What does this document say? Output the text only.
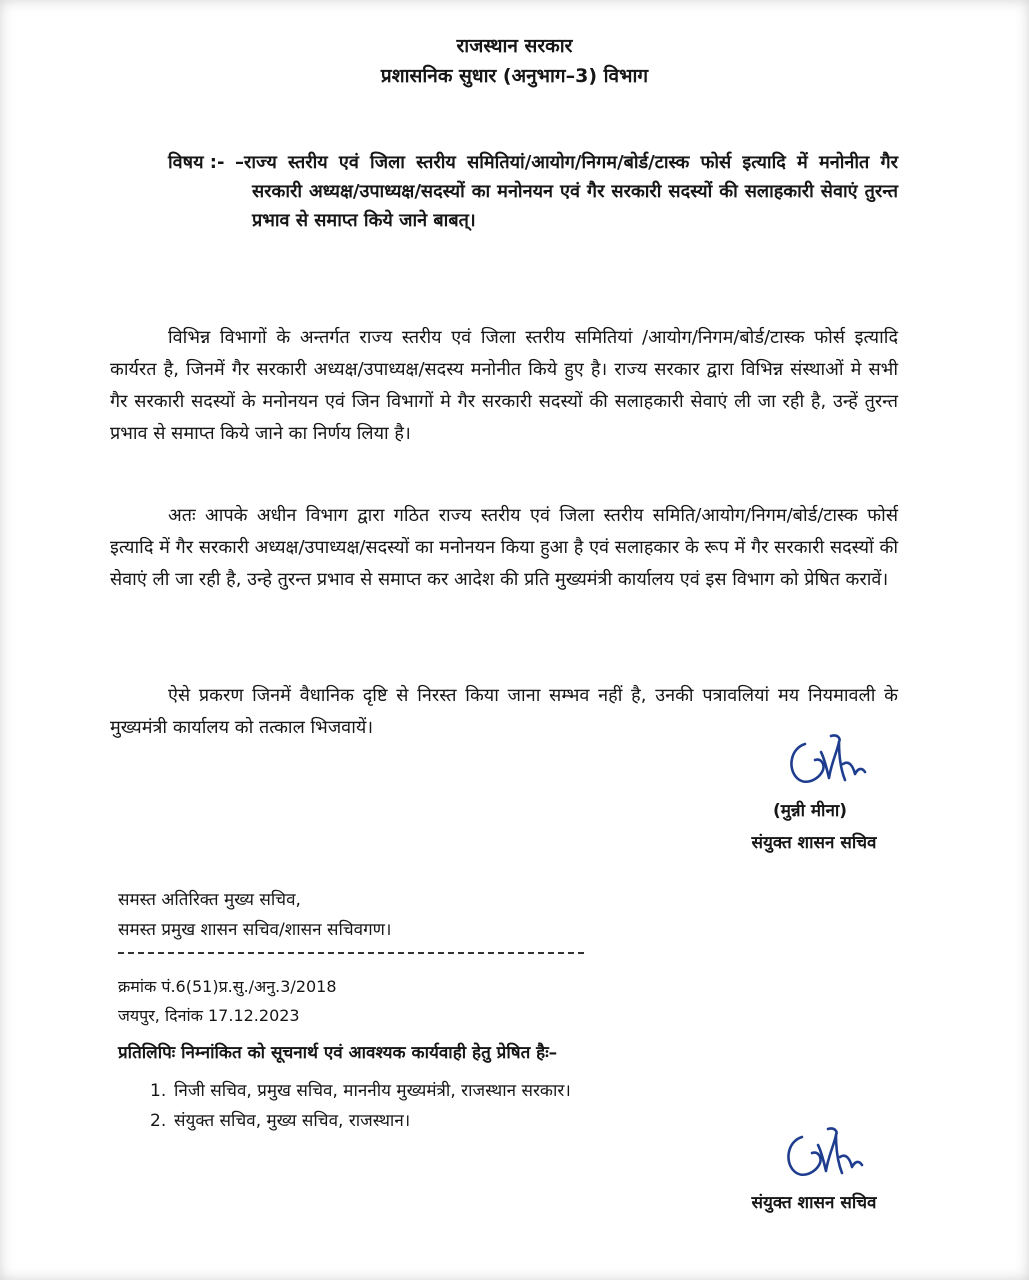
राजस्थान सरकार
प्रशासनिक सुधार (अनुभाग–3) विभाग
विषय :- –राज्य स्तरीय एवं जिला स्तरीय समितियां/आयोग/निगम/बोर्ड/टास्क फोर्स इत्यादि में मनोनीत गैर सरकारी अध्यक्ष/उपाध्यक्ष/सदस्यों का मनोनयन एवं गैर सरकारी सदस्यों की सलाहकारी सेवाएं तुरन्त प्रभाव से समाप्त किये जाने बाबत्।
विभिन्न विभागों के अन्तर्गत राज्य स्तरीय एवं जिला स्तरीय समितियां /आयोग/निगम/बोर्ड/टास्क फोर्स इत्यादि कार्यरत है, जिनमें गैर सरकारी अध्यक्ष/उपाध्यक्ष/सदस्य मनोनीत किये हुए है। राज्य सरकार द्वारा विभिन्न संस्थाओं मे सभी गैर सरकारी सदस्यों के मनोनयन एवं जिन विभागों मे गैर सरकारी सदस्यों की सलाहकारी सेवाएं ली जा रही है, उन्हें तुरन्त प्रभाव से समाप्त किये जाने का निर्णय लिया है।
अतः आपके अधीन विभाग द्वारा गठित राज्य स्तरीय एवं जिला स्तरीय समिति/आयोग/निगम/बोर्ड/टास्क फोर्स इत्यादि में गैर सरकारी अध्यक्ष/उपाध्यक्ष/सदस्यों का मनोनयन किया हुआ है एवं सलाहकार के रूप में गैर सरकारी सदस्यों की सेवाएं ली जा रही है, उन्हे तुरन्त प्रभाव से समाप्त कर आदेश की प्रति मुख्यमंत्री कार्यालय एवं इस विभाग को प्रेषित करावें।
ऐसे प्रकरण जिनमें वैधानिक दृष्टि से निरस्त किया जाना सम्भव नहीं है, उनकी पत्रावलियां मय नियमावली के मुख्यमंत्री कार्यालय को तत्काल भिजवायें।
(मुन्नी मीना)
संयुक्त शासन सचिव
समस्त अतिरिक्त मुख्य सचिव,
समस्त प्रमुख शासन सचिव/शासन सचिवगण।
क्रमांक पं.6(51)प्र.सु./अनु.3/2018
जयपुर, दिनांक 17.12.2023
प्रतिलिपिः निम्नांकित को सूचनार्थ एवं आवश्यक कार्यवाही हेतु प्रेषित हैः–
1. निजी सचिव, प्रमुख सचिव, माननीय मुख्यमंत्री, राजस्थान सरकार।
2. संयुक्त सचिव, मुख्य सचिव, राजस्थान।
संयुक्त शासन सचिव
